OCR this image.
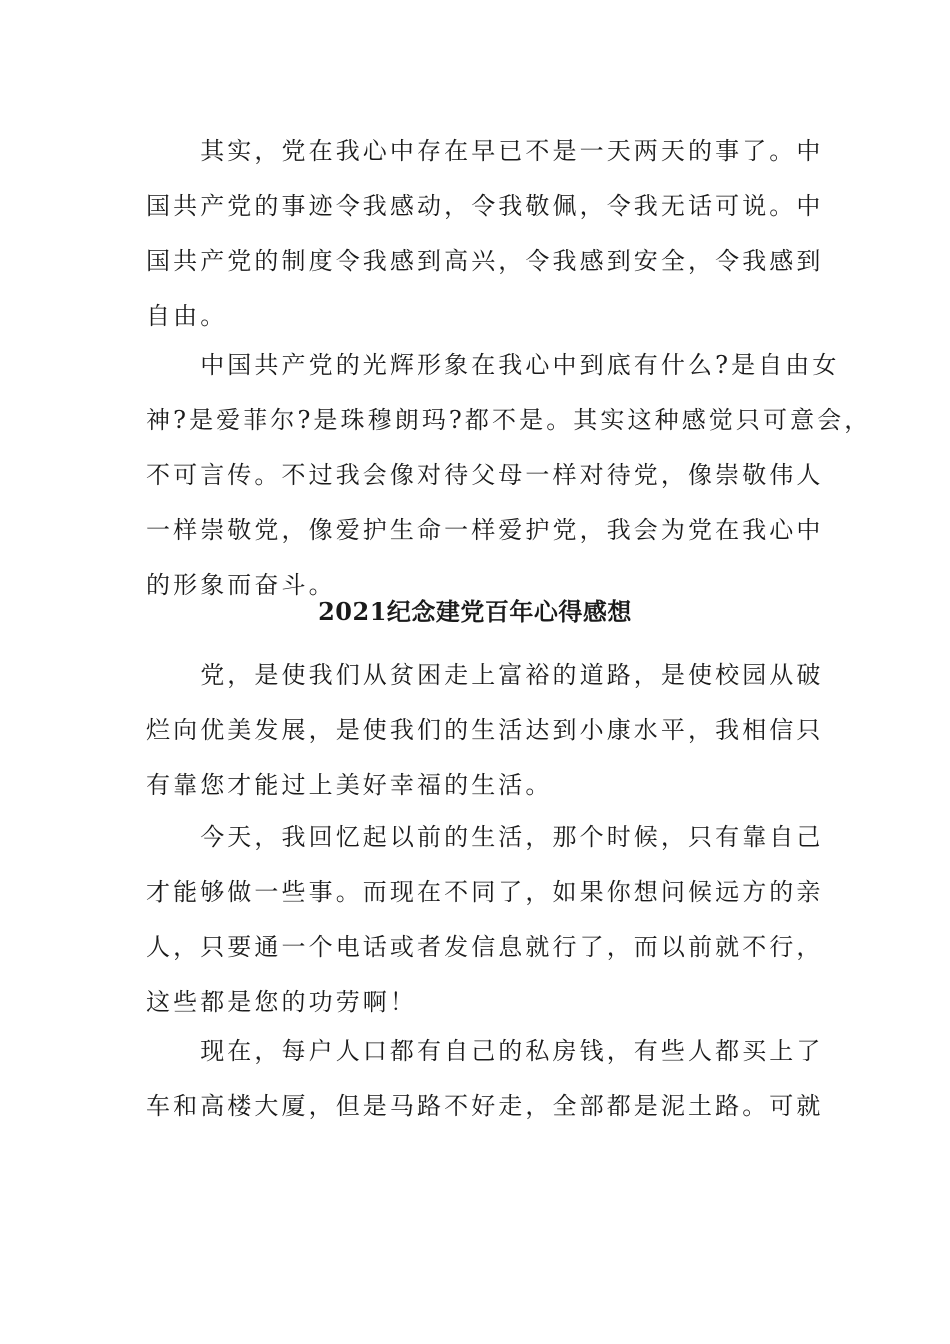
　　其实，党在我心中存在早已不是一天两天的事了。中
国共产党的事迹令我感动，令我敬佩，令我无话可说。中
国共产党的制度令我感到高兴，令我感到安全，令我感到
自由。
　　中国共产党的光辉形象在我心中到底有什么?是自由女
神?是爱菲尔?是珠穆朗玛?都不是。其实这种感觉只可意会，
不可言传。不过我会像对待父母一样对待党，像崇敬伟人
一样崇敬党，像爱护生命一样爱护党，我会为党在我心中
的形象而奋斗。
2021纪念建党百年心得感想
　　党，是使我们从贫困走上富裕的道路，是使校园从破
烂向优美发展，是使我们的生活达到小康水平，我相信只
有靠您才能过上美好幸福的生活。
　　今天，我回忆起以前的生活，那个时候，只有靠自己
才能够做一些事。而现在不同了，如果你想问候远方的亲
人，只要通一个电话或者发信息就行了，而以前就不行，
这些都是您的功劳啊！
　　现在，每户人口都有自己的私房钱，有些人都买上了
车和高楼大厦，但是马路不好走，全部都是泥土路。可就
